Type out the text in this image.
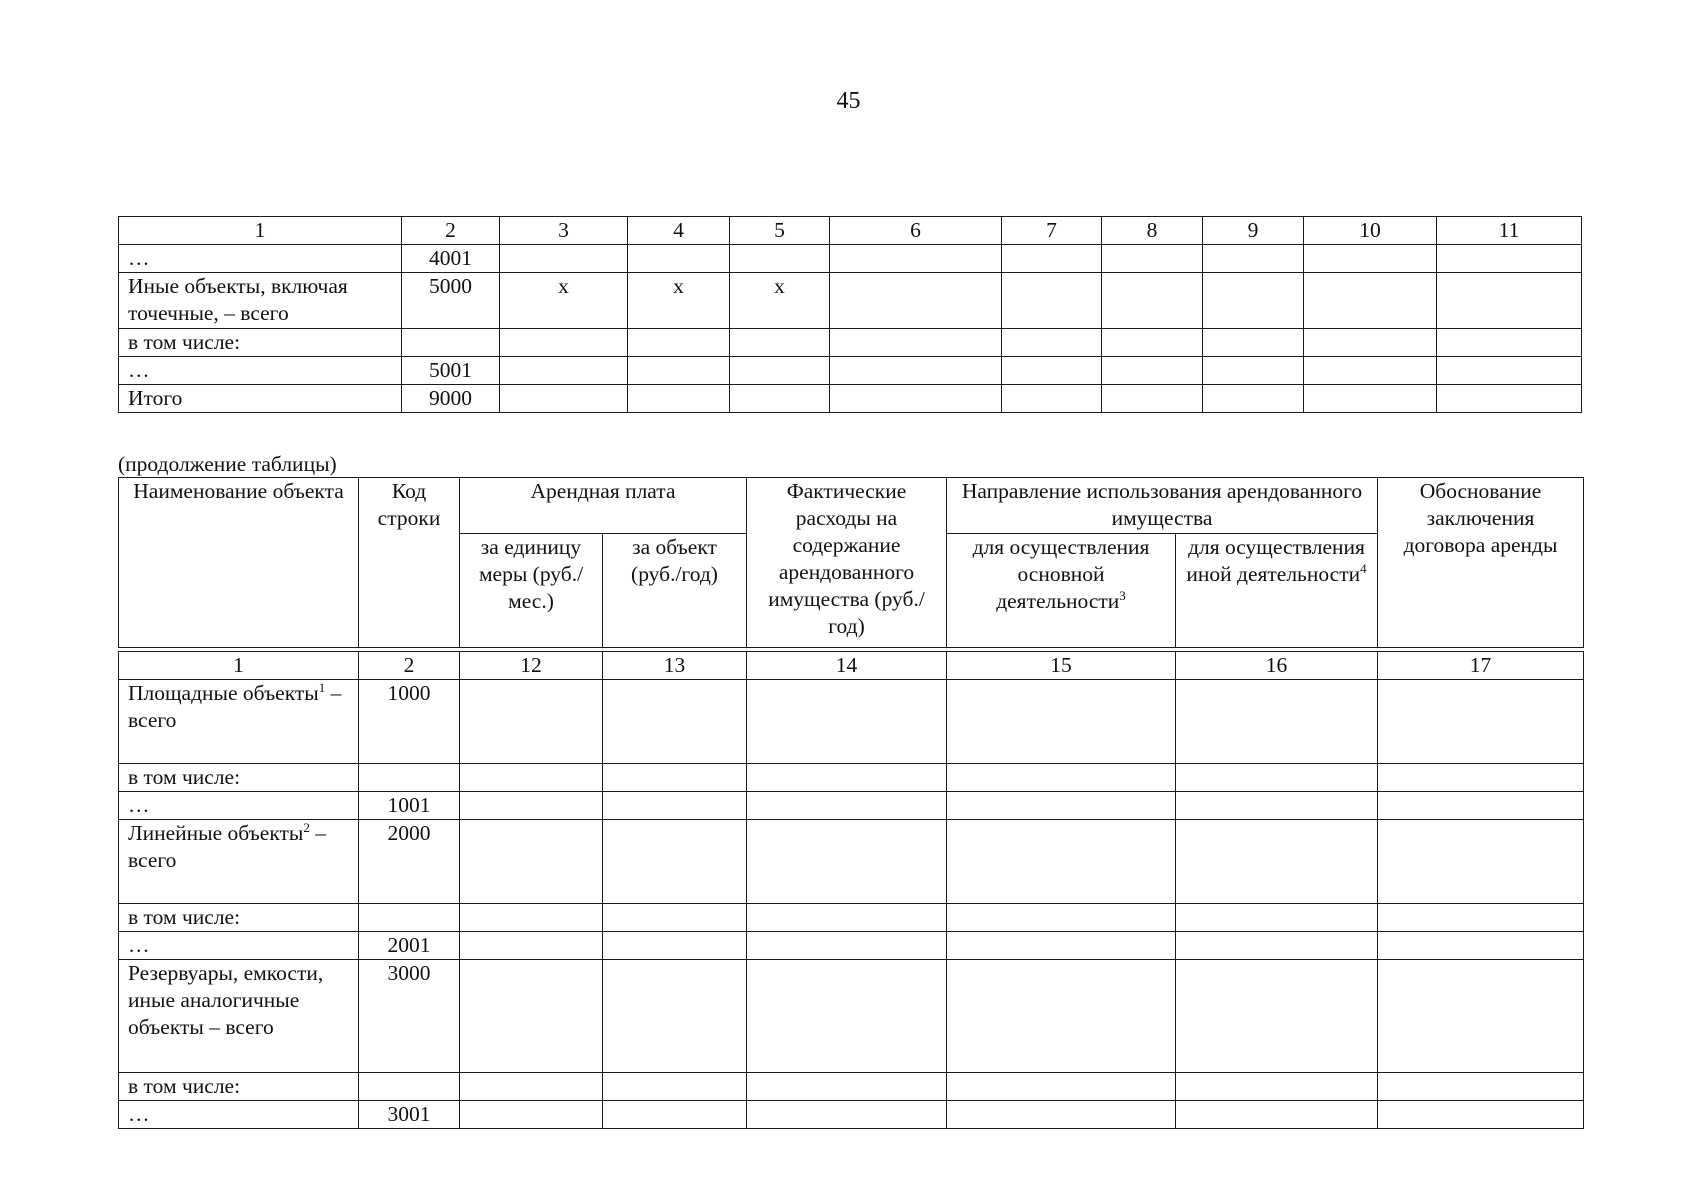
45
1	2	3	4	5	6	7	8	9	10	11
…	4001									
Иные объекты, включая точечные, – всего	5000	х	х	х						
в том числе:										
…	5001									
Итого	9000									
(продолжение таблицы)
Наименование объекта	Код строки	Арендная плата		Фактические расходы на содержание арендованного имущества (руб./год)	Направление использования арендованного имущества		Обоснование заключения договора аренды
		за единицу меры (руб./мес.)	за объект (руб./год)		для осуществления основной деятельности$^3$	для осуществления иной деятельности$^4$
1	2	12	13	14	15	16	17
Площадные объекты$^1$ – всего	1000						
в том числе:							
…	1001						
Линейные объекты$^2$ – всего	2000						
в том числе:							
…	2001						
Резервуары, емкости, иные аналогичные объекты – всего	3000						
в том числе:							
…	3001						
